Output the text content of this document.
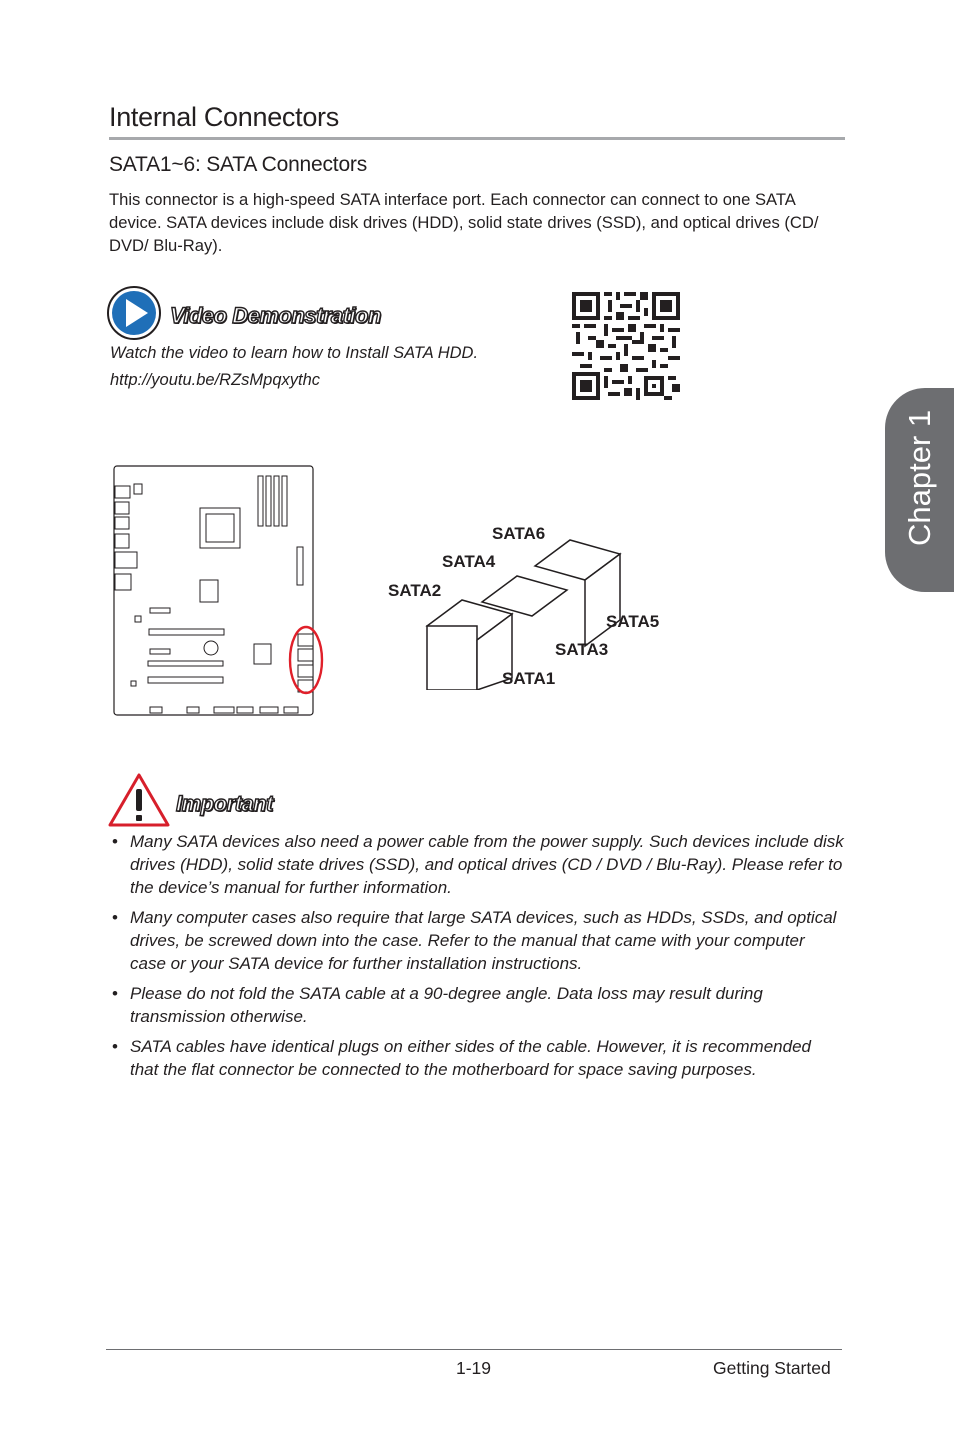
Internal Connectors
SATA1~6: SATA Connectors
This connector is a high-speed SATA interface port. Each connector can connect to one SATA device. SATA devices include disk drives (HDD), solid state drives (SSD), and optical drives (CD/ DVD/ Blu-Ray).
Video Demonstration
Watch the video to learn how to Install SATA HDD.
http://youtu.be/RZsMpqxythc
SATA6
SATA4
SATA2
SATA5
SATA3
SATA1
Important
• Many SATA devices also need a power cable from the power supply. Such devices include disk drives (HDD), solid state drives (SSD), and optical drives (CD / DVD / Blu-Ray). Please refer to the device’s manual for further information.
• Many computer cases also require that large SATA devices, such as HDDs, SSDs, and optical drives, be screwed down into the case. Refer to the manual that came with your computer case or your SATA device for further installation instructions.
• Please do not fold the SATA cable at a 90-degree angle. Data loss may result during transmission otherwise.
• SATA cables have identical plugs on either sides of the cable. However, it is recommended that the flat connector be connected to the motherboard for space saving purposes.
Chapter 1
1-19	Getting Started
